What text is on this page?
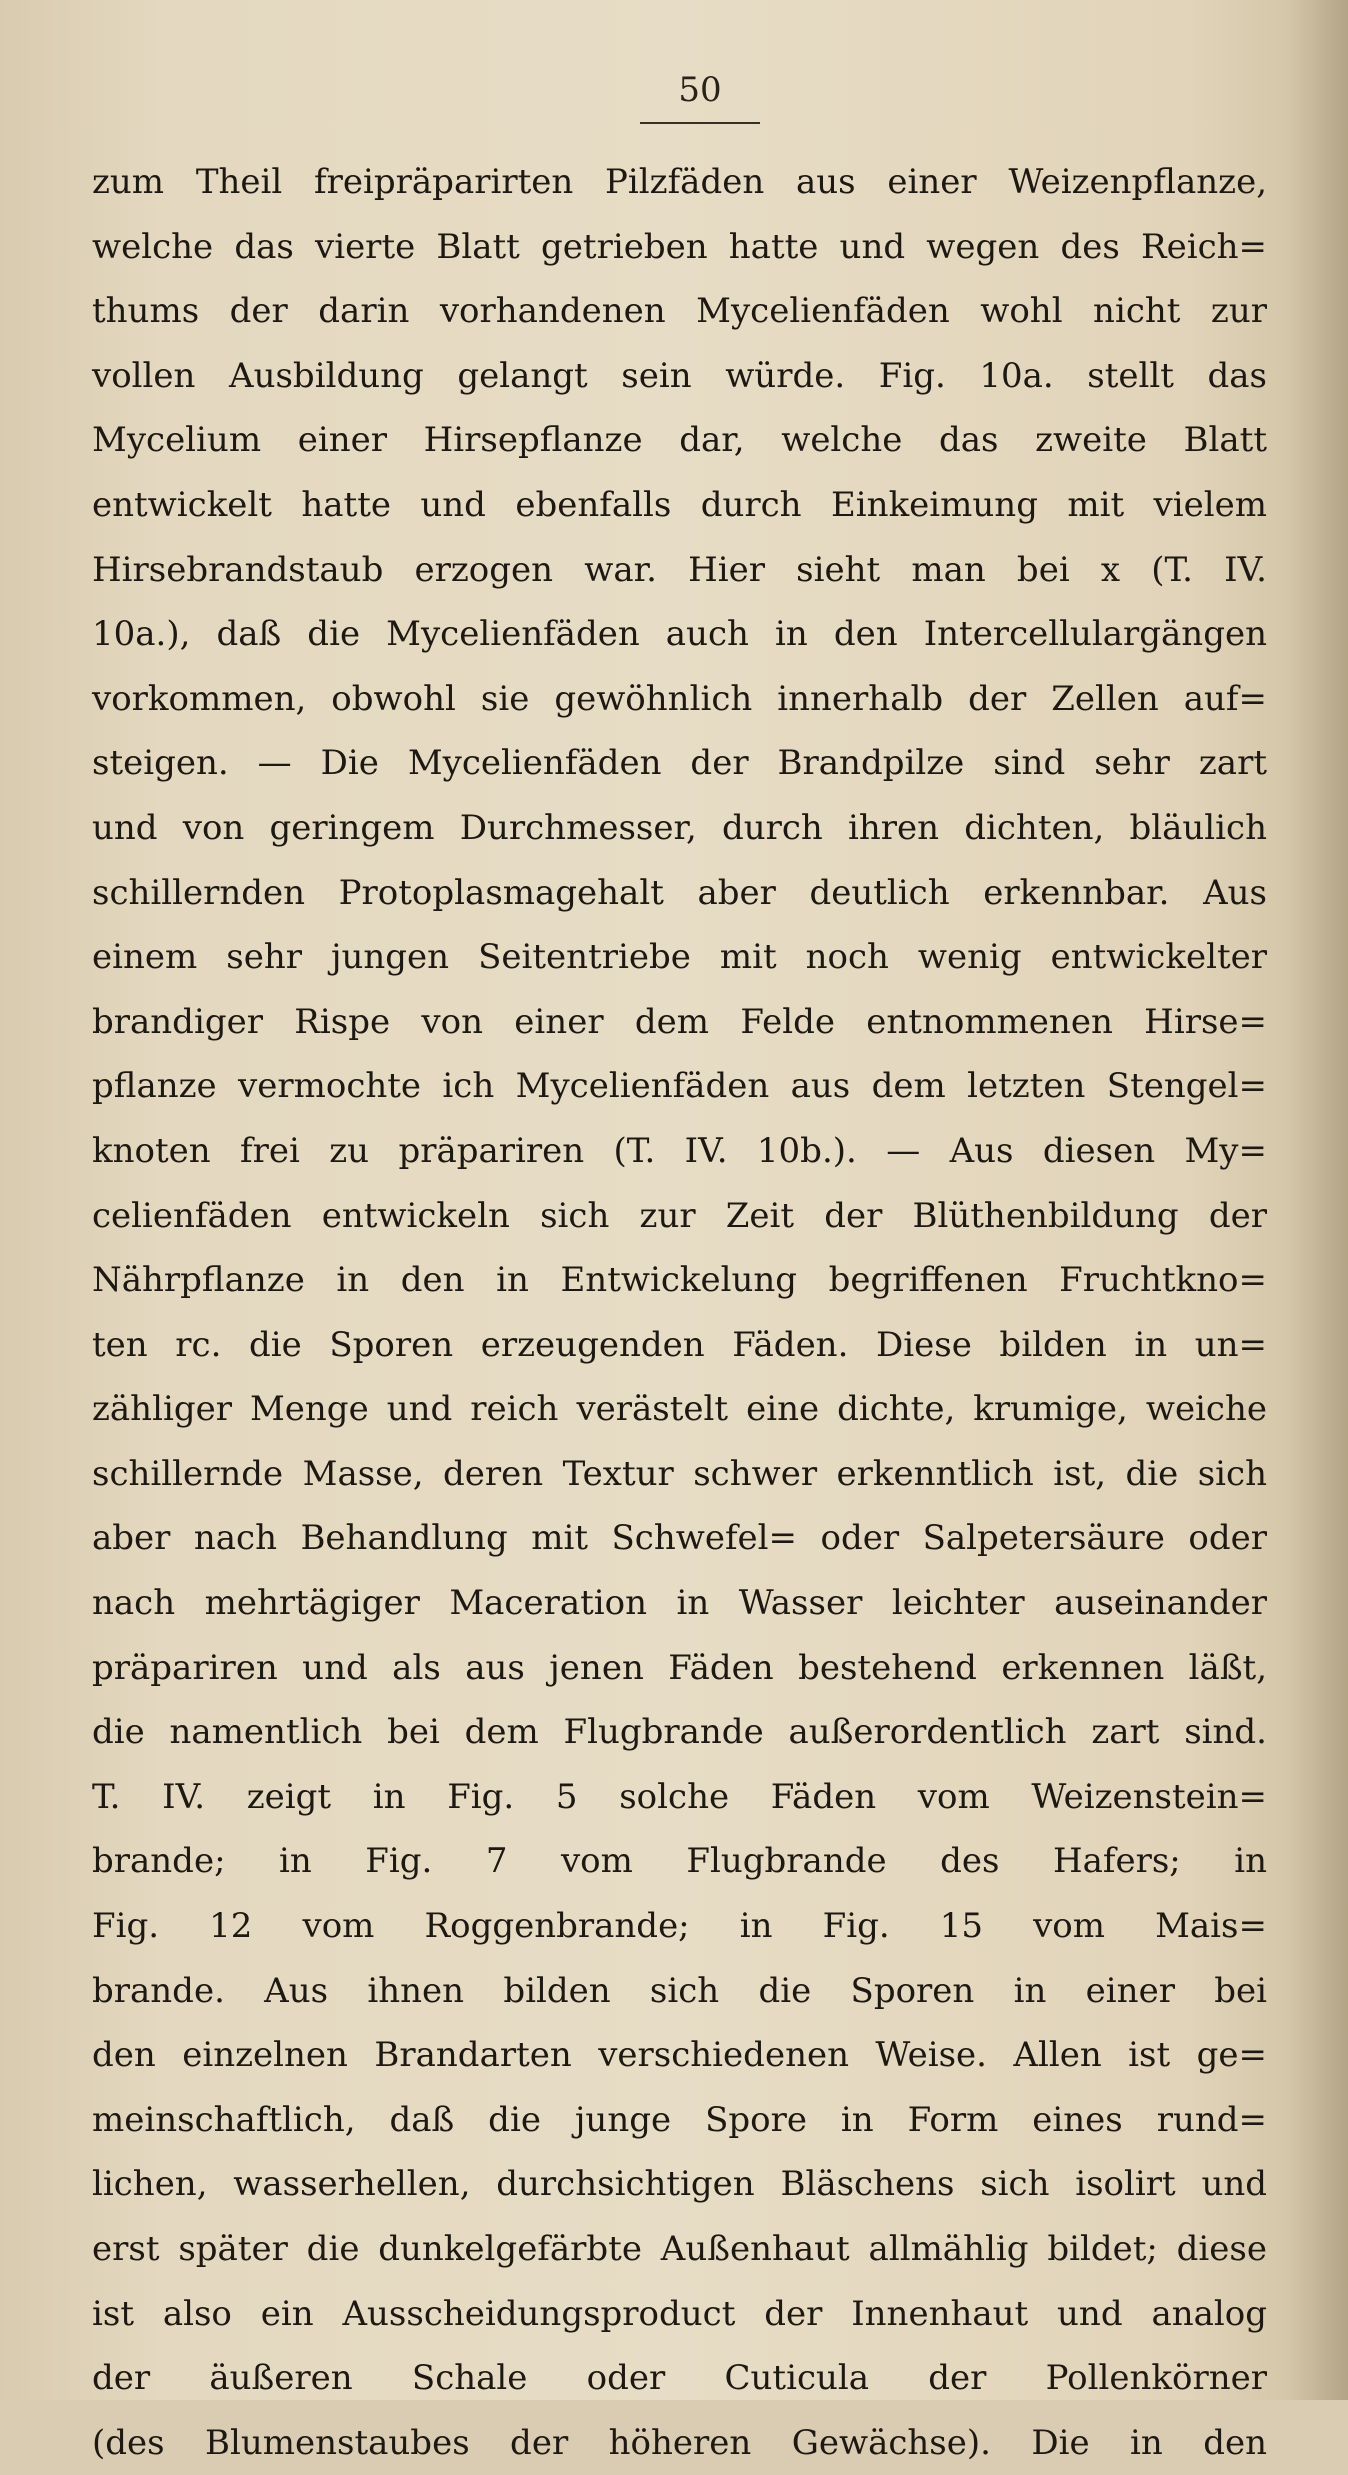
50
zum Theil freipräparirten Pilzfäden aus einer Weizenpflanze,
welche das vierte Blatt getrieben hatte und wegen des Reich=
thums der darin vorhandenen Mycelienfäden wohl nicht zur
vollen Ausbildung gelangt sein würde. Fig. 10a. stellt das
Mycelium einer Hirsepflanze dar, welche das zweite Blatt
entwickelt hatte und ebenfalls durch Einkeimung mit vielem
Hirsebrandstaub erzogen war. Hier sieht man bei x (T. IV.
10a.), daß die Mycelienfäden auch in den Intercellulargängen
vorkommen, obwohl sie gewöhnlich innerhalb der Zellen auf=
steigen. — Die Mycelienfäden der Brandpilze sind sehr zart
und von geringem Durchmesser, durch ihren dichten, bläulich
schillernden Protoplasmagehalt aber deutlich erkennbar. Aus
einem sehr jungen Seitentriebe mit noch wenig entwickelter
brandiger Rispe von einer dem Felde entnommenen Hirse=
pflanze vermochte ich Mycelienfäden aus dem letzten Stengel=
knoten frei zu präpariren (T. IV. 10b.). — Aus diesen My=
celienfäden entwickeln sich zur Zeit der Blüthenbildung der
Nährpflanze in den in Entwickelung begriffenen Fruchtkno=
ten rc. die Sporen erzeugenden Fäden. Diese bilden in un=
zähliger Menge und reich verästelt eine dichte, krumige, weiche
schillernde Masse, deren Textur schwer erkenntlich ist, die sich
aber nach Behandlung mit Schwefel= oder Salpetersäure oder
nach mehrtägiger Maceration in Wasser leichter auseinander
präpariren und als aus jenen Fäden bestehend erkennen läßt,
die namentlich bei dem Flugbrande außerordentlich zart sind.
T. IV. zeigt in Fig. 5 solche Fäden vom Weizenstein=
brande; in Fig. 7 vom Flugbrande des Hafers; in
Fig. 12 vom Roggenbrande; in Fig. 15 vom Mais=
brande. Aus ihnen bilden sich die Sporen in einer bei
den einzelnen Brandarten verschiedenen Weise. Allen ist ge=
meinschaftlich, daß die junge Spore in Form eines rund=
lichen, wasserhellen, durchsichtigen Bläschens sich isolirt und
erst später die dunkelgefärbte Außenhaut allmählig bildet; diese
ist also ein Ausscheidungsproduct der Innenhaut und analog
der äußeren Schale oder Cuticula der Pollenkörner
(des Blumenstaubes der höheren Gewächse). Die in den
